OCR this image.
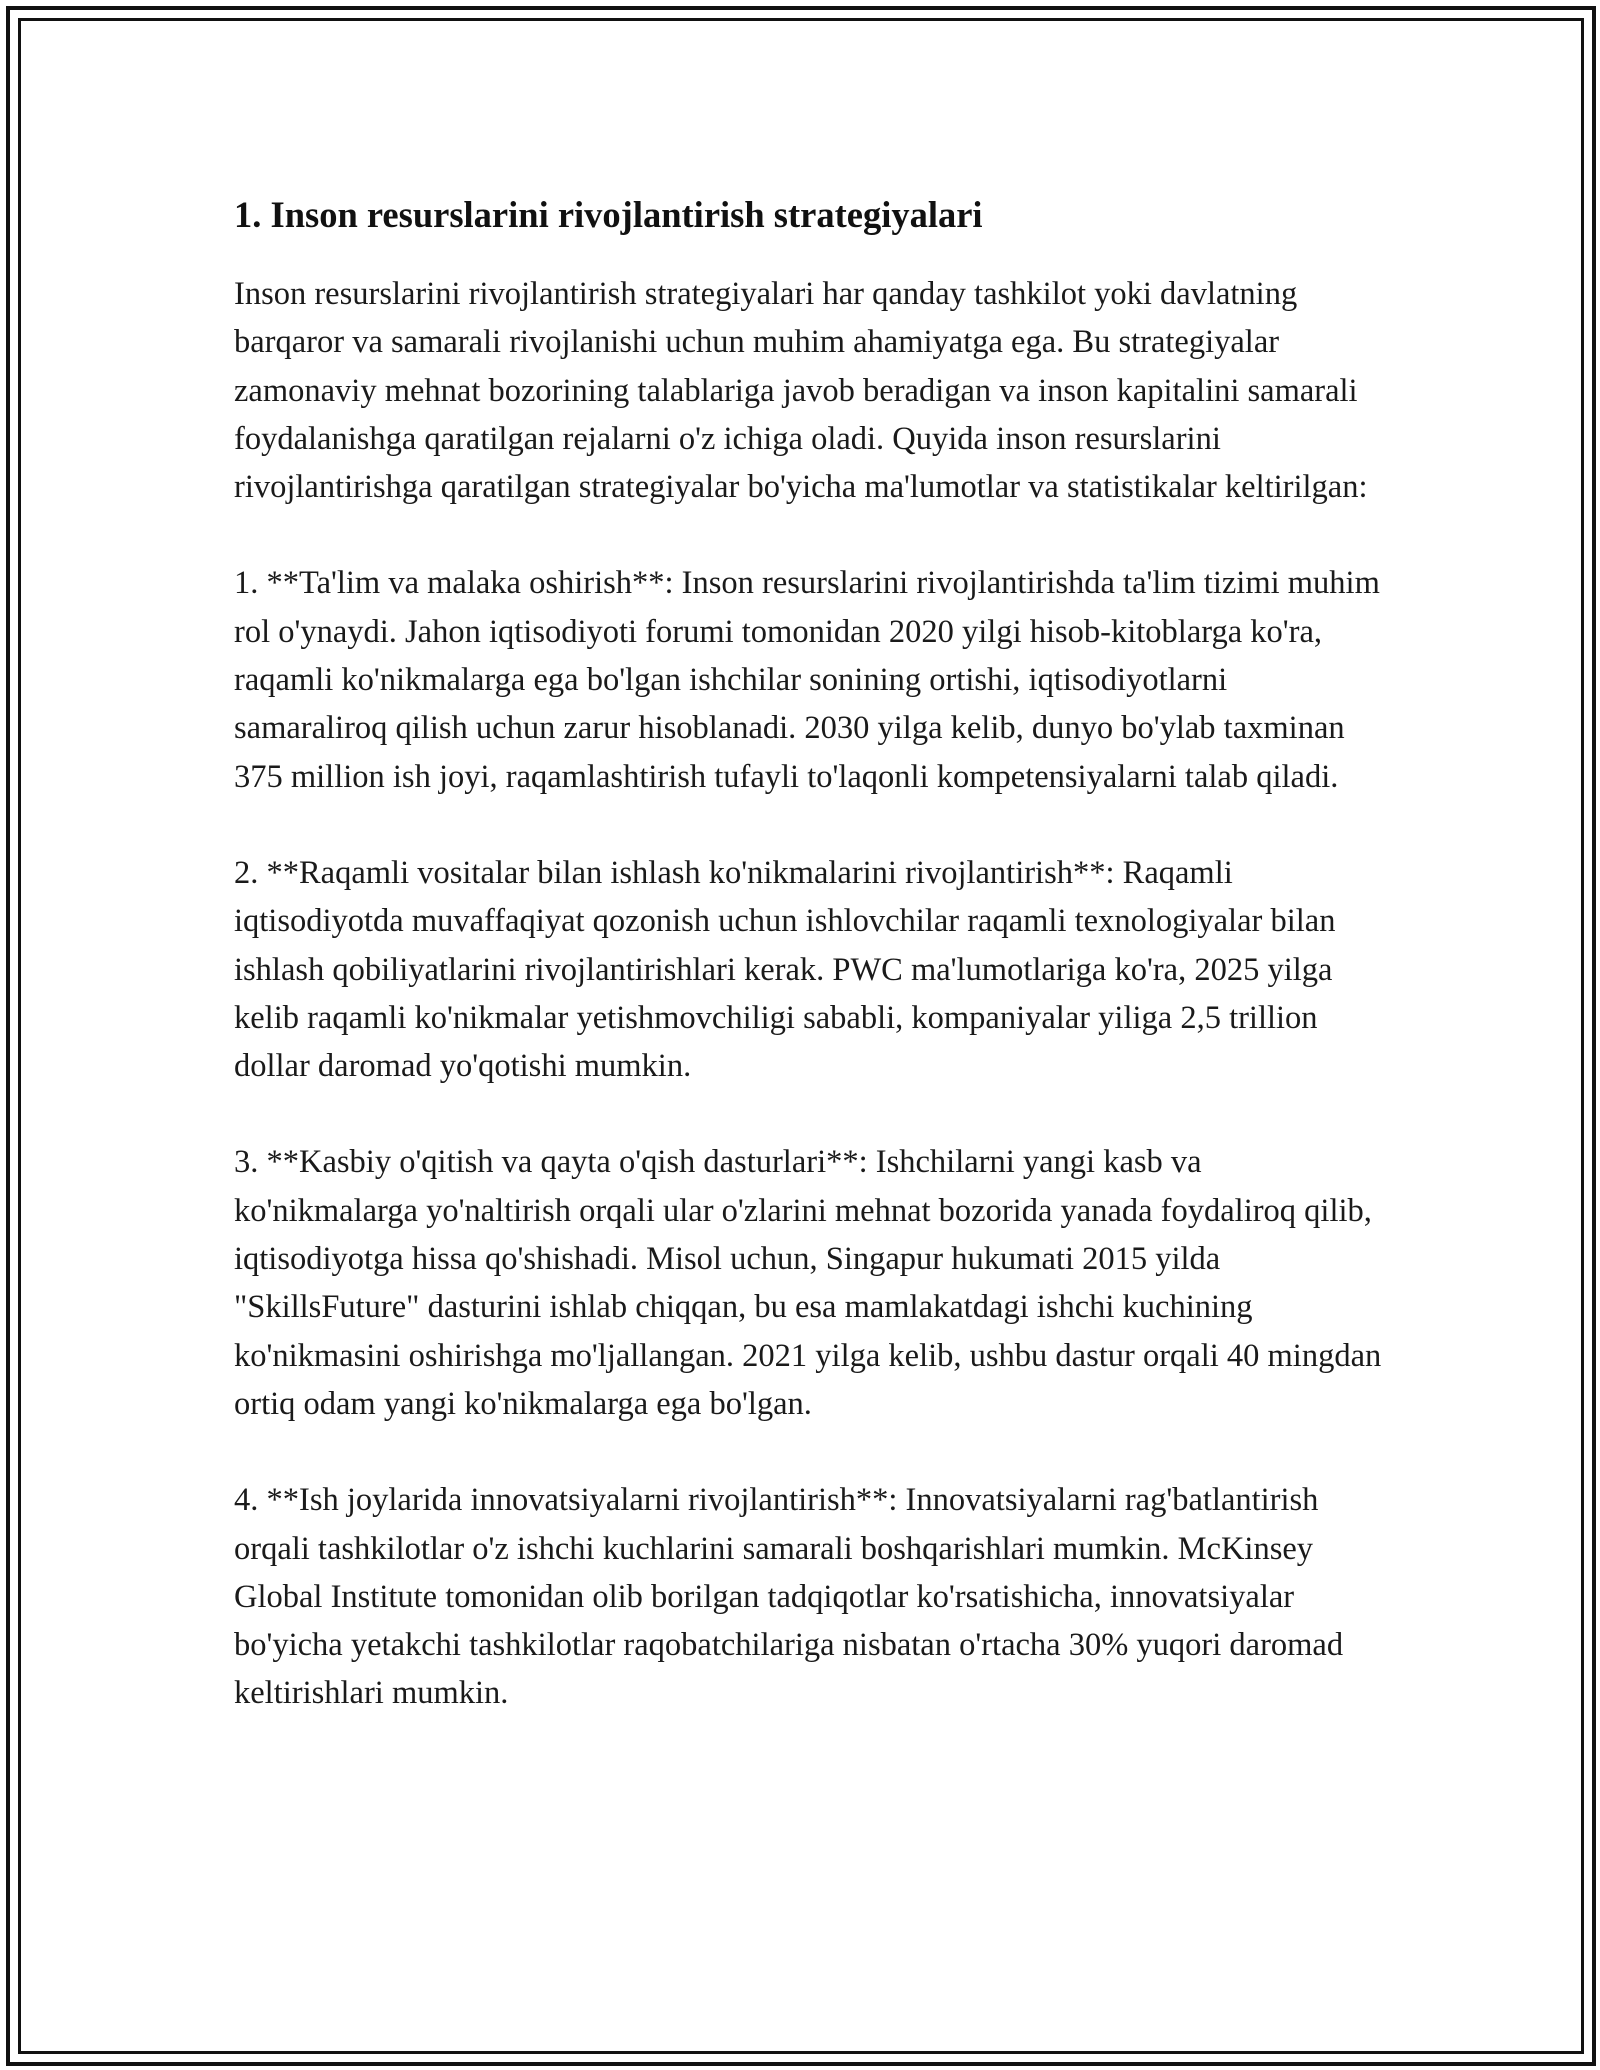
1. Inson resurslarini rivojlantirish strategiyalari

Inson resurslarini rivojlantirish strategiyalari har qanday tashkilot yoki davlatning barqaror va samarali rivojlanishi uchun muhim ahamiyatga ega. Bu strategiyalar zamonaviy mehnat bozorining talablariga javob beradigan va inson kapitalini samarali foydalanishga qaratilgan rejalarni o'z ichiga oladi. Quyida inson resurslarini rivojlantirishga qaratilgan strategiyalar bo'yicha ma'lumotlar va statistikalar keltirilgan:

1. **Ta'lim va malaka oshirish**: Inson resurslarini rivojlantirishda ta'lim tizimi muhim rol o'ynaydi. Jahon iqtisodiyoti forumi tomonidan 2020 yilgi hisob-kitoblarga ko'ra, raqamli ko'nikmalarga ega bo'lgan ishchilar sonining ortishi, iqtisodiyotlarni samaraliroq qilish uchun zarur hisoblanadi. 2030 yilga kelib, dunyo bo'ylab taxminan 375 million ish joyi, raqamlashtirish tufayli to'laqonli kompetensiyalarni talab qiladi.

2. **Raqamli vositalar bilan ishlash ko'nikmalarini rivojlantirish**: Raqamli iqtisodiyotda muvaffaqiyat qozonish uchun ishlovchilar raqamli texnologiyalar bilan ishlash qobiliyatlarini rivojlantirishlari kerak. PWC ma'lumotlariga ko'ra, 2025 yilga kelib raqamli ko'nikmalar yetishmovchiligi sababli, kompaniyalar yiliga 2,5 trillion dollar daromad yo'qotishi mumkin.

3. **Kasbiy o'qitish va qayta o'qish dasturlari**: Ishchilarni yangi kasb va ko'nikmalarga yo'naltirish orqali ular o'zlarini mehnat bozorida yanada foydaliroq qilib, iqtisodiyotga hissa qo'shishadi. Misol uchun, Singapur hukumati 2015 yilda "SkillsFuture" dasturini ishlab chiqqan, bu esa mamlakatdagi ishchi kuchining ko'nikmasini oshirishga mo'ljallangan. 2021 yilga kelib, ushbu dastur orqali 40 mingdan ortiq odam yangi ko'nikmalarga ega bo'lgan.

4. **Ish joylarida innovatsiyalarni rivojlantirish**: Innovatsiyalarni rag'batlantirish orqali tashkilotlar o'z ishchi kuchlarini samarali boshqarishlari mumkin. McKinsey Global Institute tomonidan olib borilgan tadqiqotlar ko'rsatishicha, innovatsiyalar bo'yicha yetakchi tashkilotlar raqobatchilariga nisbatan o'rtacha 30% yuqori daromad keltirishlari mumkin.
